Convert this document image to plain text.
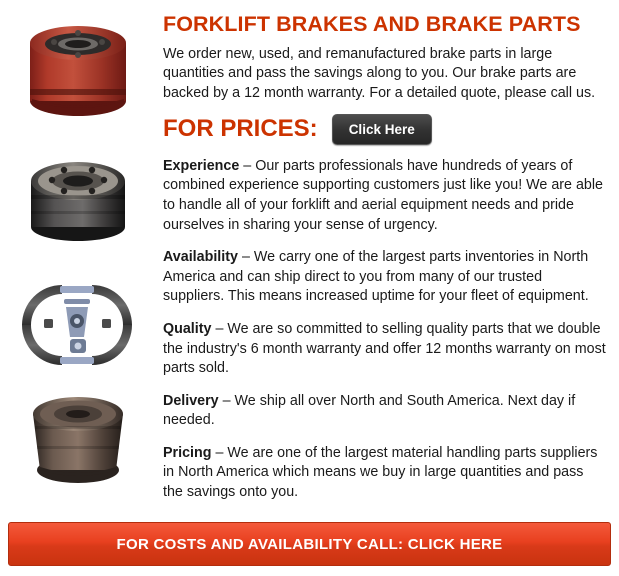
FORKLIFT BRAKES AND BRAKE PARTS

We order new, used, and remanufactured brake parts in large quantities and pass the savings along to you. Our brake parts are backed by a 12 month warranty. For a detailed quote, please call us.

FOR PRICES:	Click Here

Experience – Our parts professionals have hundreds of years of combined experience supporting customers just like you! We are able to handle all of your forklift and aerial equipment needs and pride ourselves in sharing your sense of urgency.

Availability – We carry one of the largest parts inventories in North America and can ship direct to you from many of our trusted suppliers. This means increased uptime for your fleet of equipment.

Quality – We are so committed to selling quality parts that we double the industry's 6 month warranty and offer 12 months warranty on most parts sold.

Delivery – We ship all over North and South America. Next day if needed.

Pricing – We are one of the largest material handling parts suppliers in North America which means we buy in large quantities and pass the savings onto you.

FOR COSTS AND AVAILABILITY CALL: CLICK HERE
